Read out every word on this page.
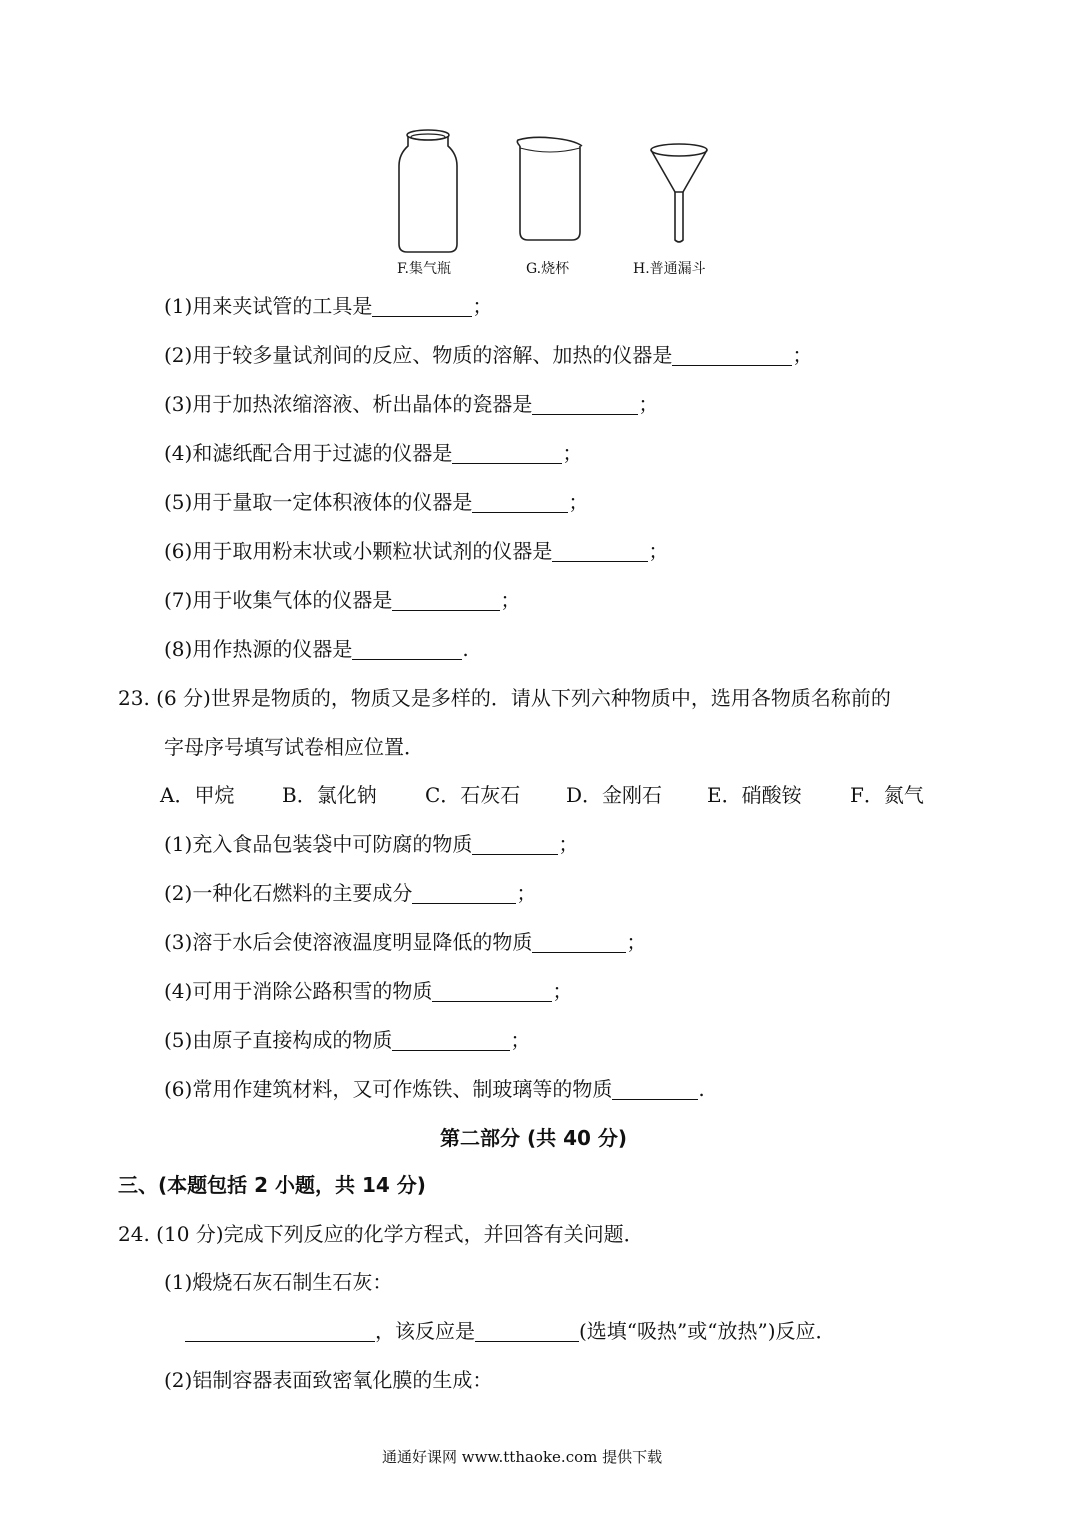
F.集气瓶	G.烧杯	H.普通漏斗
(1)用来夹试管的工具是	；
(2)用于较多量试剂间的反应、物质的溶解、加热的仪器是	；
(3)用于加热浓缩溶液、析出晶体的瓷器是	；
(4)和滤纸配合用于过滤的仪器是	；
(5)用于量取一定体积液体的仪器是	；
(6)用于取用粉末状或小颗粒状试剂的仪器是	；
(7)用于收集气体的仪器是	；
(8)用作热源的仪器是	.
23. (6 分)世界是物质的，物质又是多样的．请从下列六种物质中，选用各物质名称前的
字母序号填写试卷相应位置．
A．甲烷 B．氯化钠 C．石灰石 D．金刚石 E．硝酸铵 F．氮气
(1)充入食品包装袋中可防腐的物质	；
(2)一种化石燃料的主要成分	；
(3)溶于水后会使溶液温度明显降低的物质	；
(4)可用于消除公路积雪的物质	；
(5)由原子直接构成的物质	；
(6)常用作建筑材料，又可作炼铁、制玻璃等的物质	.
第二部分 (共 40 分)
三、(本题包括 2 小题，共 14 分)
24. (10 分)完成下列反应的化学方程式，并回答有关问题．
(1)煅烧石灰石制生石灰：
，该反应是	(选填“吸热”或“放热”)反应．
(2)铝制容器表面致密氧化膜的生成：
通通好课网 www.tthaoke.com 提供下载
